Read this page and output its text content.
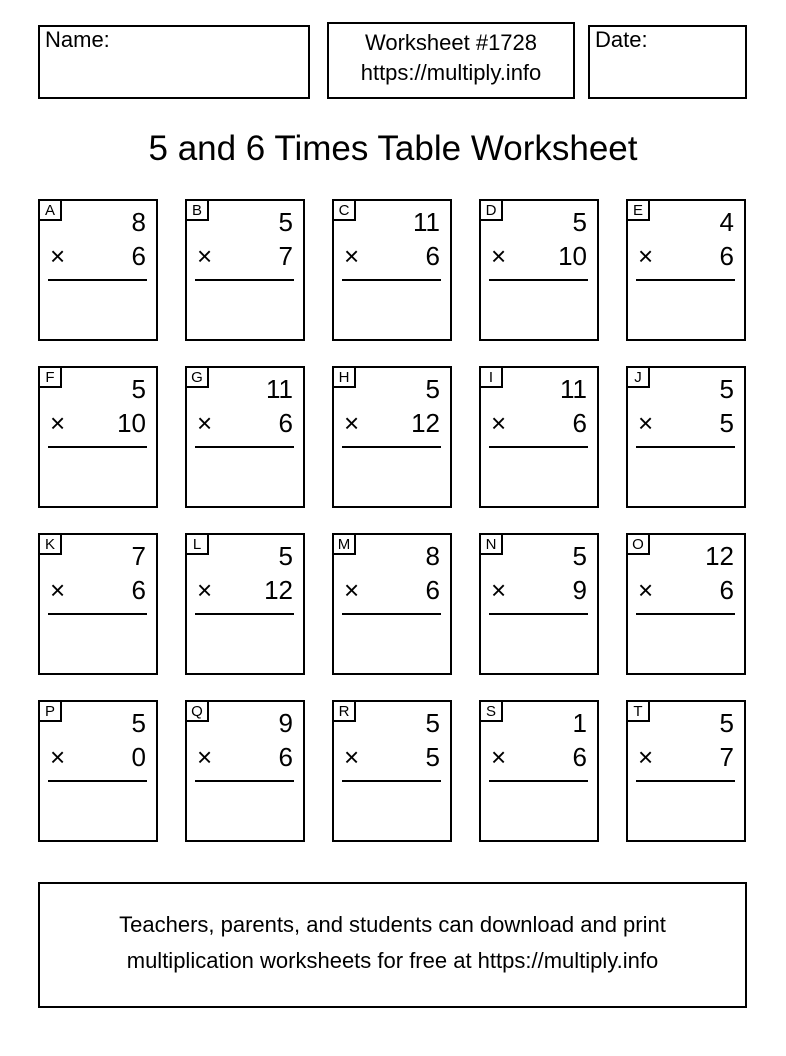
Name:	Worksheet #1728
https://multiply.info
Date:
5 and 6 Times Table Worksheet
A	8
×	6
B	5
×	7
C	11
×	6
D	5
× 10
E	4
×	6
F	5
× 10
G	11
×	6
H	5
× 12
I	11
×	6
J	5
×	5
K	7
×	6
L	5
× 12
M	8
×	6
N	5
×	9
O	12
×	6
P	5
×	0
Q	9
×	6
R	5
×	5
S	1
×	6
T	5
×	7
Teachers, parents, and students can download and print
multiplication worksheets for free at https://multiply.info
